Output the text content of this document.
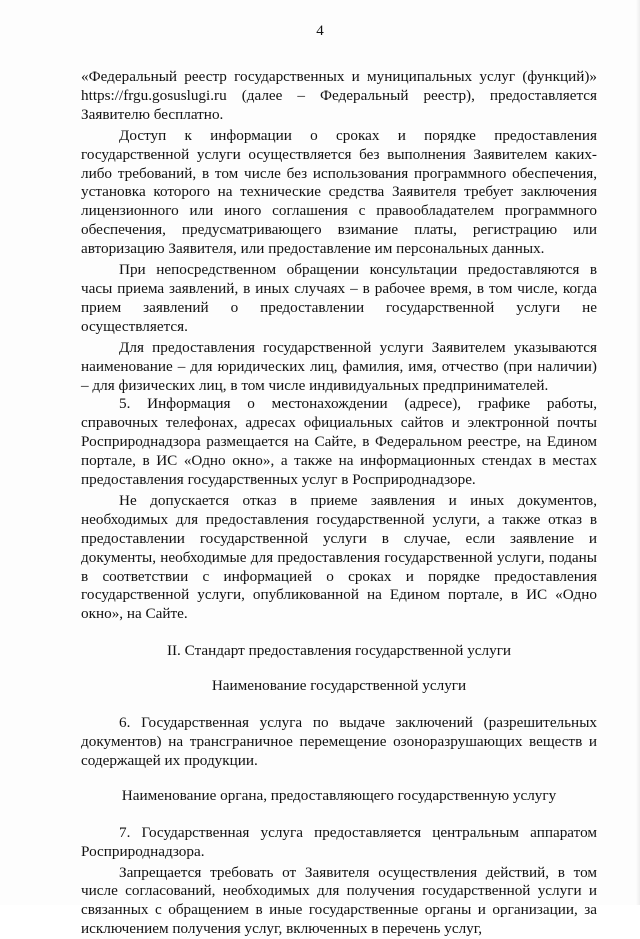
4

«Федеральный реестр государственных и муниципальных услуг (функций)» https://frgu.gosuslugi.ru (далее – Федеральный реестр), предоставляется Заявителю бесплатно.

Доступ к информации о сроках и порядке предоставления государственной услуги осуществляется без выполнения Заявителем каких-либо требований, в том числе без использования программного обеспечения, установка которого на технические средства Заявителя требует заключения лицензионного или иного соглашения с правообладателем программного обеспечения, предусматривающего взимание платы, регистрацию или авторизацию Заявителя, или предоставление им персональных данных.

При непосредственном обращении консультации предоставляются в часы приема заявлений, в иных случаях – в рабочее время, в том числе, когда прием заявлений о предоставлении государственной услуги не осуществляется.

Для предоставления государственной услуги Заявителем указываются наименование – для юридических лиц, фамилия, имя, отчество (при наличии) – для физических лиц, в том числе индивидуальных предпринимателей.

5. Информация о местонахождении (адресе), графике работы, справочных телефонах, адресах официальных сайтов и электронной почты Росприроднадзора размещается на Сайте, в Федеральном реестре, на Едином портале, в ИС «Одно окно», а также на информационных стендах в местах предоставления государственных услуг в Росприроднадзоре.

Не допускается отказ в приеме заявления и иных документов, необходимых для предоставления государственной услуги, а также отказ в предоставлении государственной услуги в случае, если заявление и документы, необходимые для предоставления государственной услуги, поданы в соответствии с информацией о сроках и порядке предоставления государственной услуги, опубликованной на Едином портале, в ИС «Одно окно», на Сайте.

II. Стандарт предоставления государственной услуги

Наименование государственной услуги

6. Государственная услуга по выдаче заключений (разрешительных документов) на трансграничное перемещение озоноразрушающих веществ и содержащей их продукции.

Наименование органа, предоставляющего государственную услугу

7. Государственная услуга предоставляется центральным аппаратом Росприроднадзора.

Запрещается требовать от Заявителя осуществления действий, в том числе согласований, необходимых для получения государственной услуги и связанных с обращением в иные государственные органы и организации, за исключением получения услуг, включенных в перечень услуг,
